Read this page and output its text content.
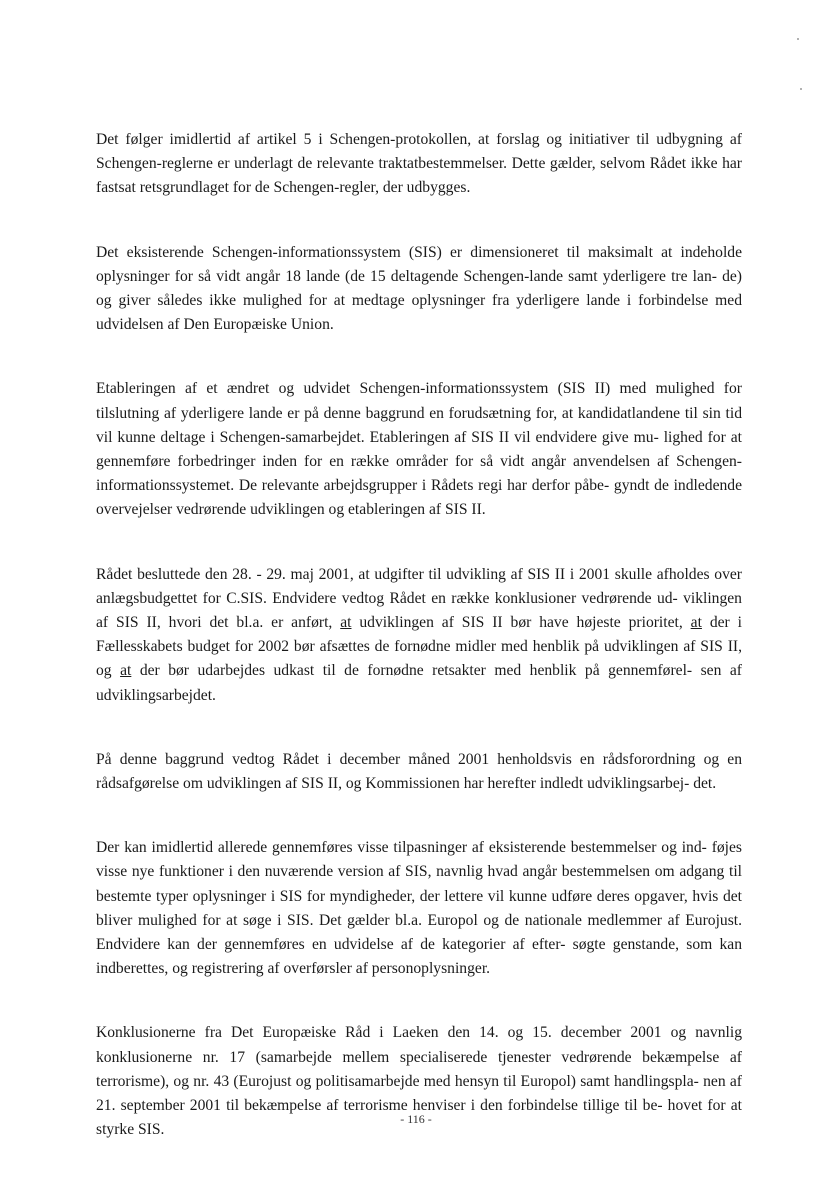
Det følger imidlertid af artikel 5 i Schengen-protokollen, at forslag og initiativer til udbygning af Schengen-reglerne er underlagt de relevante traktatbestemmelser. Dette gælder, selvom Rådet ikke har fastsat retsgrundlaget for de Schengen-regler, der udbygges.

Det eksisterende Schengen-informationssystem (SIS) er dimensioneret til maksimalt at indeholde oplysninger for så vidt angår 18 lande (de 15 deltagende Schengen-lande samt yderligere tre lan- de) og giver således ikke mulighed for at medtage oplysninger fra yderligere lande i forbindelse med udvidelsen af Den Europæiske Union.

Etableringen af et ændret og udvidet Schengen-informationssystem (SIS II) med mulighed for tilslutning af yderligere lande er på denne baggrund en forudsætning for, at kandidatlandene til sin tid vil kunne deltage i Schengen-samarbejdet. Etableringen af SIS II vil endvidere give mu- lighed for at gennemføre forbedringer inden for en række områder for så vidt angår anvendelsen af Schengen-informationssystemet. De relevante arbejdsgrupper i Rådets regi har derfor påbe- gyndt de indledende overvejelser vedrørende udviklingen og etableringen af SIS II.

Rådet besluttede den 28. - 29. maj 2001, at udgifter til udvikling af SIS II i 2001 skulle afholdes over anlægsbudgettet for C.SIS. Endvidere vedtog Rådet en række konklusioner vedrørende ud- viklingen af SIS II, hvori det bl.a. er anført, at udviklingen af SIS II bør have højeste prioritet, at der i Fællesskabets budget for 2002 bør afsættes de fornødne midler med henblik på udviklingen af SIS II, og at der bør udarbejdes udkast til de fornødne retsakter med henblik på gennemførel- sen af udviklingsarbejdet.

På denne baggrund vedtog Rådet i december måned 2001 henholdsvis en rådsforordning og en rådsafgørelse om udviklingen af SIS II, og Kommissionen har herefter indledt udviklingsarbej- det.

Der kan imidlertid allerede gennemføres visse tilpasninger af eksisterende bestemmelser og ind- føjes visse nye funktioner i den nuværende version af SIS, navnlig hvad angår bestemmelsen om adgang til bestemte typer oplysninger i SIS for myndigheder, der lettere vil kunne udføre deres opgaver, hvis det bliver mulighed for at søge i SIS. Det gælder bl.a. Europol og de nationale medlemmer af Eurojust. Endvidere kan der gennemføres en udvidelse af de kategorier af efter- søgte genstande, som kan indberettes, og registrering af overførsler af personoplysninger.

Konklusionerne fra Det Europæiske Råd i Laeken den 14. og 15. december 2001 og navnlig konklusionerne nr. 17 (samarbejde mellem specialiserede tjenester vedrørende bekæmpelse af terrorisme), og nr. 43 (Eurojust og politisamarbejde med hensyn til Europol) samt handlingspla- nen af 21. september 2001 til bekæmpelse af terrorisme henviser i den forbindelse tillige til be- hovet for at styrke SIS.

- 116 -
